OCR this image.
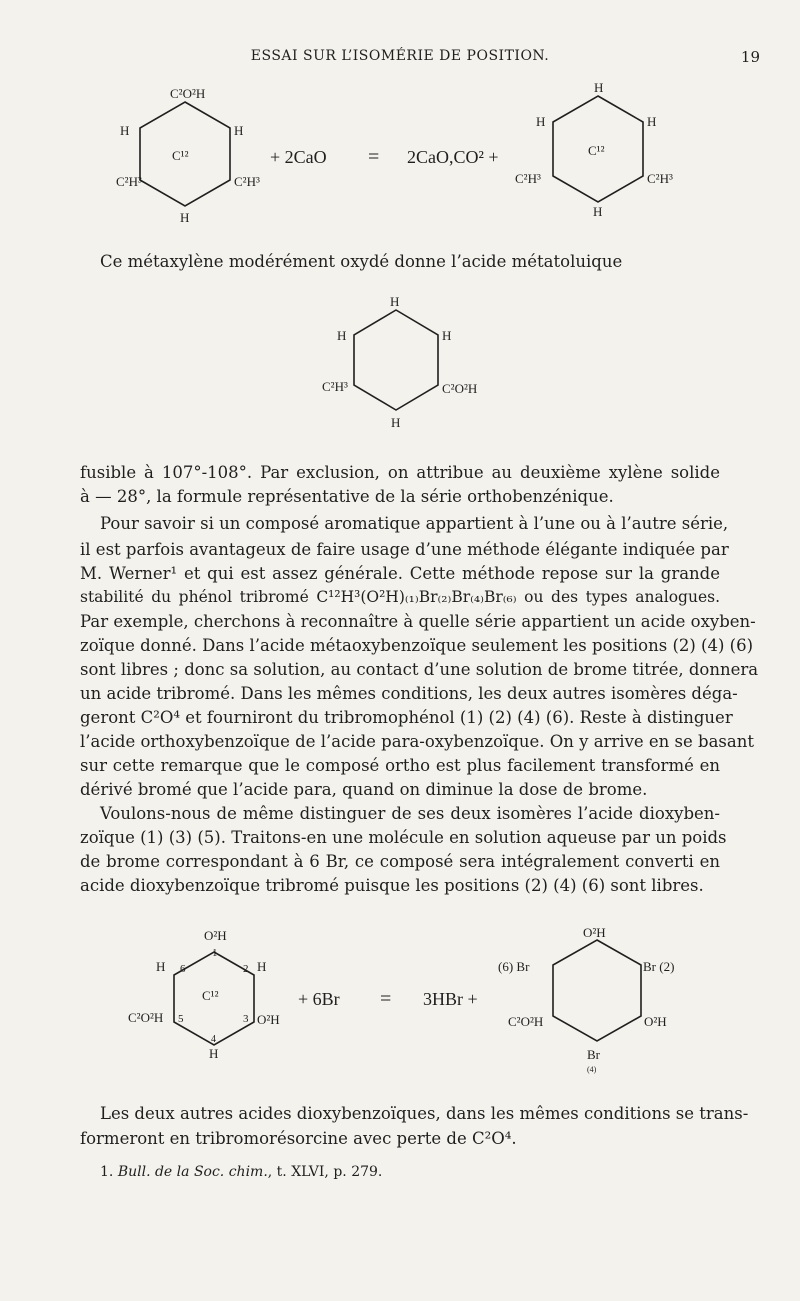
ESSAI SUR L’ISOMÉRIE DE POSITION.	19
C²O²H
H	H
C¹²
C²H³	C²H³
H
+ 2CaO = 2CaO,CO² +
H
H	H
C¹²
C²H³	C²H³
H
H
H	H
C²H³	C²O²H
H
O²H
1
H 6	2 H
C¹²
C²O²H 5	3 O²H
4
H
+ 6Br = 3HBr +
O²H
(6) Br	Br (2)
C²O²H	O²H
Br
(4)
Ce métaxylène modérément oxydé donne l’acide métatoluique
fusible à 107°-108°. Par exclusion, on attribue au deuxième xylène solide
à — 28°, la formule représentative de la série orthobenzénique.
Pour savoir si un composé aromatique appartient à l’une ou à l’autre série,
il est parfois avantageux de faire usage d’une méthode élégante indiquée par
M. Werner¹ et qui est assez générale. Cette méthode repose sur la grande
stabilité du phénol tribromé C¹²H³(O²H)₍₁₎Br₍₂₎Br₍₄₎Br₍₆₎ ou des types analogues.
Par exemple, cherchons à reconnaître à quelle série appartient un acide oxyben-
zoïque donné. Dans l’acide métaoxybenzoïque seulement les positions (2) (4) (6)
sont libres ; donc sa solution, au contact d’une solution de brome titrée, donnera
un acide tribromé. Dans les mêmes conditions, les deux autres isomères déga-
geront C²O⁴ et fourniront du tribromophénol (1) (2) (4) (6). Reste à distinguer
l’acide orthoxybenzoïque de l’acide para-oxybenzoïque. On y arrive en se basant
sur cette remarque que le composé ortho est plus facilement transformé en
dérivé bromé que l’acide para, quand on diminue la dose de brome.
Voulons-nous de même distinguer de ses deux isomères l’acide dioxyben-
zoïque (1) (3) (5). Traitons-en une molécule en solution aqueuse par un poids
de brome correspondant à 6 Br, ce composé sera intégralement converti en
acide dioxybenzoïque tribromé puisque les positions (2) (4) (6) sont libres.
Les deux autres acides dioxybenzoïques, dans les mêmes conditions se trans-
formeront en tribromorésorcine avec perte de C²O⁴.
1. Bull. de la Soc. chim., t. XLVI, p. 279.
